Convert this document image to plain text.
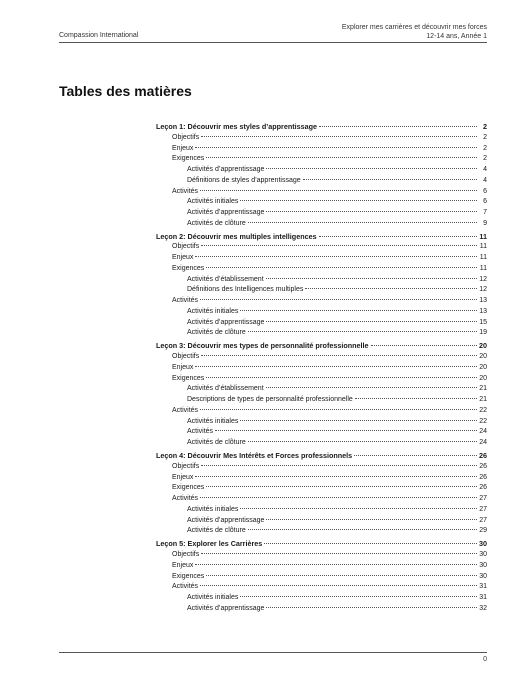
Compassion International
Explorer mes carrières et découvrir mes forces
12-14 ans, Année 1
Tables des matières
Leçon 1: Découvrir mes styles d’apprentissage	2
Objectifs	2
Enjeux	2
Exigences	2
Activités d’apprentissage	4
Définitions de styles d’apprentissage	4
Activités	6
Activités initiales	6
Activités d’apprentissage	7
Activités de clôture	9
Leçon 2: Découvrir mes multiples intelligences	11
Objectifs	11
Enjeux	11
Exigences	11
Activités d’établissement	12
Définitions des Intelligences multiples	12
Activités	13
Activités initiales	13
Activités d’apprentissage	15
Activités de clôture	19
Leçon 3: Découvrir mes types de personnalité professionnelle	20
Objectifs	20
Enjeux	20
Exigences	20
Activités d’établissement	21
Descriptions de types de personnalité professionnelle	21
Activités	22
Activités initiales	22
Activités	24
Activités de clôture	24
Leçon 4: Découvrir Mes Intérêts et Forces professionnels	26
Objectifs	26
Enjeux	26
Exigences	26
Activités	27
Activités initiales	27
Activités d’apprentissage	27
Activités de clôture	29
Leçon 5: Explorer les Carrières	30
Objectifs	30
Enjeux	30
Exigences	30
Activités	31
Activités initiales	31
Activités d’apprentissage	32
0
